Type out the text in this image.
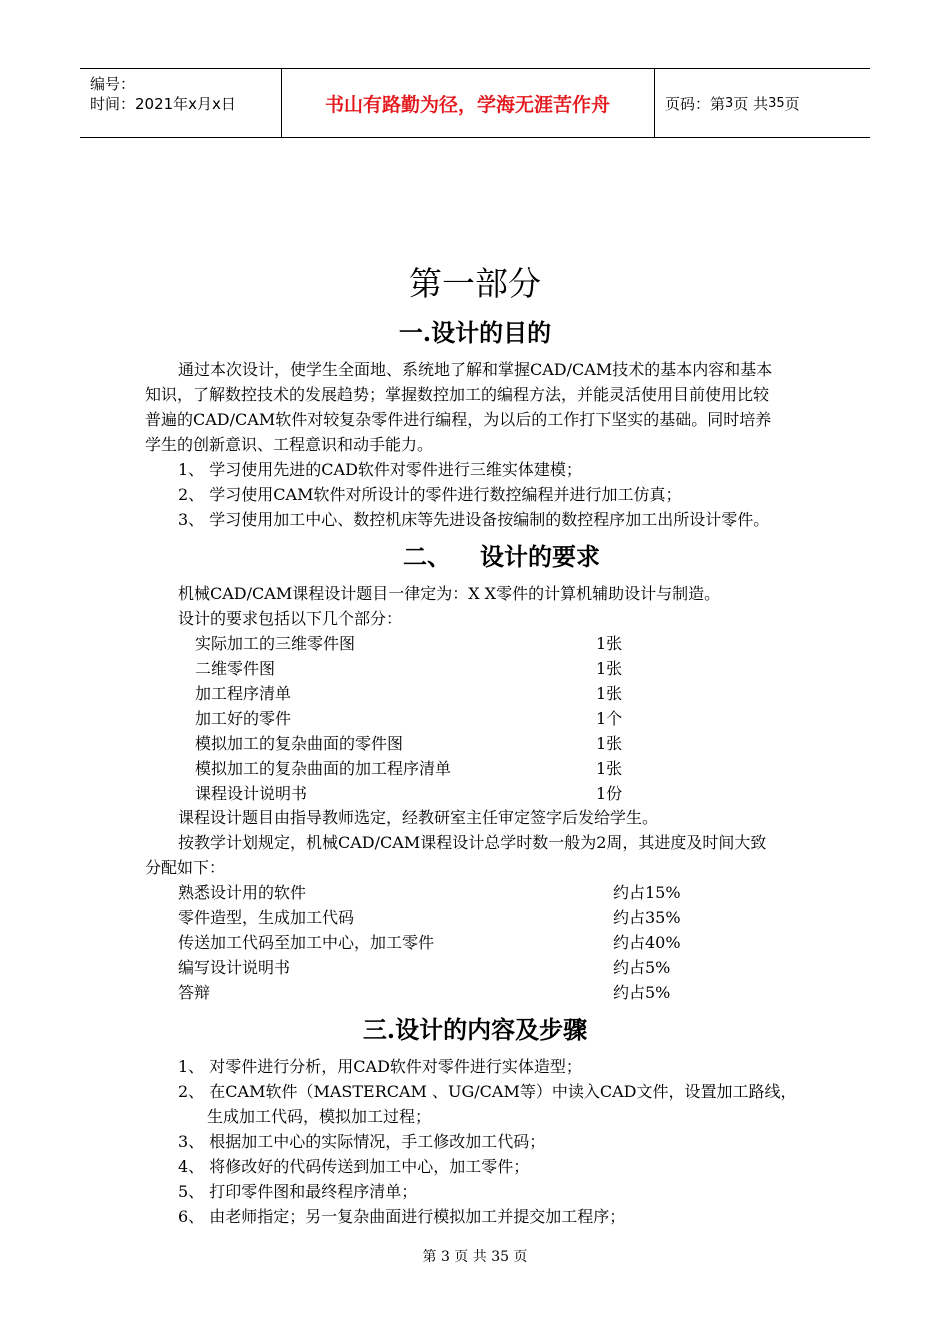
编号：
时间：2021年x月x日	书山有路勤为径，学海无涯苦作舟	页码：第 3 页 共 35 页
第一部分
一.设计的目的
通过本次设计，使学生全面地、系统地了解和掌握CAD/CAM技术的基本内容和基本
知识，了解数控技术的发展趋势；掌握数控加工的编程方法，并能灵活使用目前使用比较
普遍的CAD/CAM软件对较复杂零件进行编程，为以后的工作打下坚实的基础。同时培养
学生的创新意识、工程意识和动手能力。
1、 学习使用先进的CAD软件对零件进行三维实体建模；
2、 学习使用CAM软件对所设计的零件进行数控编程并进行加工仿真；
3、 学习使用加工中心、数控机床等先进设备按编制的数控程序加工出所设计零件。
二、 设计的要求
机械CAD/CAM课程设计题目一律定为：X X零件的计算机辅助设计与制造。
设计的要求包括以下几个部分：
实际加工的三维零件图	1张
二维零件图	1张
加工程序清单	1张
加工好的零件	1个
模拟加工的复杂曲面的零件图	1张
模拟加工的复杂曲面的加工程序清单	1张
课程设计说明书	1份
课程设计题目由指导教师选定，经教研室主任审定签字后发给学生。
按教学计划规定，机械CAD/CAM课程设计总学时数一般为2周，其进度及时间大致
分配如下：
熟悉设计用的软件	约占15%
零件造型，生成加工代码	约占35%
传送加工代码至加工中心，加工零件	约占40%
编写设计说明书	约占5%
答辩	约占5%
三.设计的内容及步骤
1、 对零件进行分析，用CAD软件对零件进行实体造型；
2、 在CAM软件（MASTERCAM 、UG/CAM等）中读入CAD文件，设置加工路线，
生成加工代码，模拟加工过程；
3、 根据加工中心的实际情况，手工修改加工代码；
4、 将修改好的代码传送到加工中心，加工零件；
5、 打印零件图和最终程序清单；
6、 由老师指定；另一复杂曲面进行模拟加工并提交加工程序；
第 3 页 共 35 页
